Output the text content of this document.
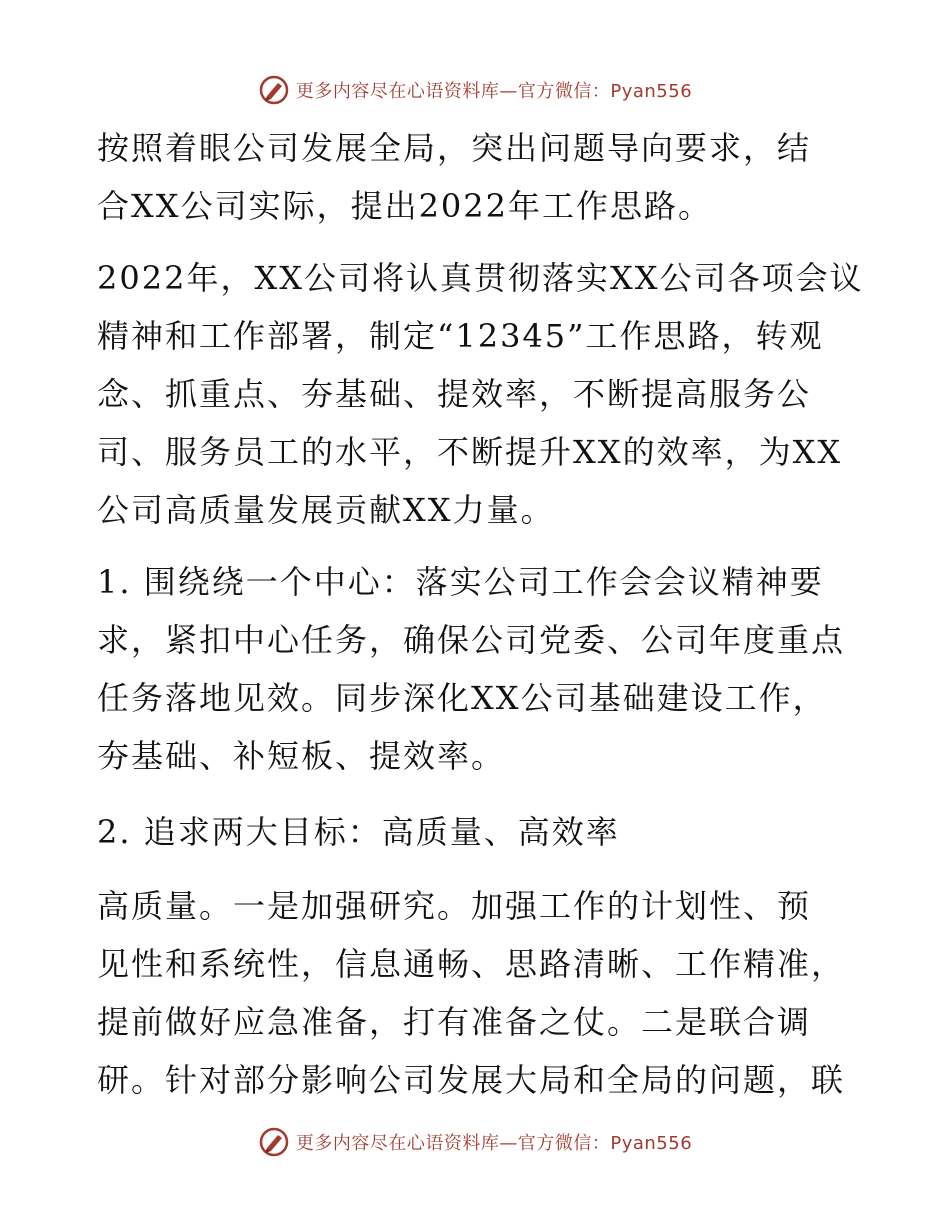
更多内容尽在心语资料库—官方微信：Pyan556
按照着眼公司发展全局，突出问题导向要求，结
合XX公司实际，提出2022年工作思路。
2022年，XX公司将认真贯彻落实XX公司各项会议
精神和工作部署，制定“12345”工作思路，转观
念、抓重点、夯基础、提效率，不断提高服务公
司、服务员工的水平，不断提升XX的效率，为XX
公司高质量发展贡献XX力量。
1. 围绕绕一个中心：落实公司工作会会议精神要
求，紧扣中心任务，确保公司党委、公司年度重点
任务落地见效。同步深化XX公司基础建设工作，
夯基础、补短板、提效率。
2. 追求两大目标：高质量、高效率
高质量。一是加强研究。加强工作的计划性、预
见性和系统性，信息通畅、思路清晰、工作精准，
提前做好应急准备，打有准备之仗。二是联合调
研。针对部分影响公司发展大局和全局的问题，联
更多内容尽在心语资料库—官方微信：Pyan556
